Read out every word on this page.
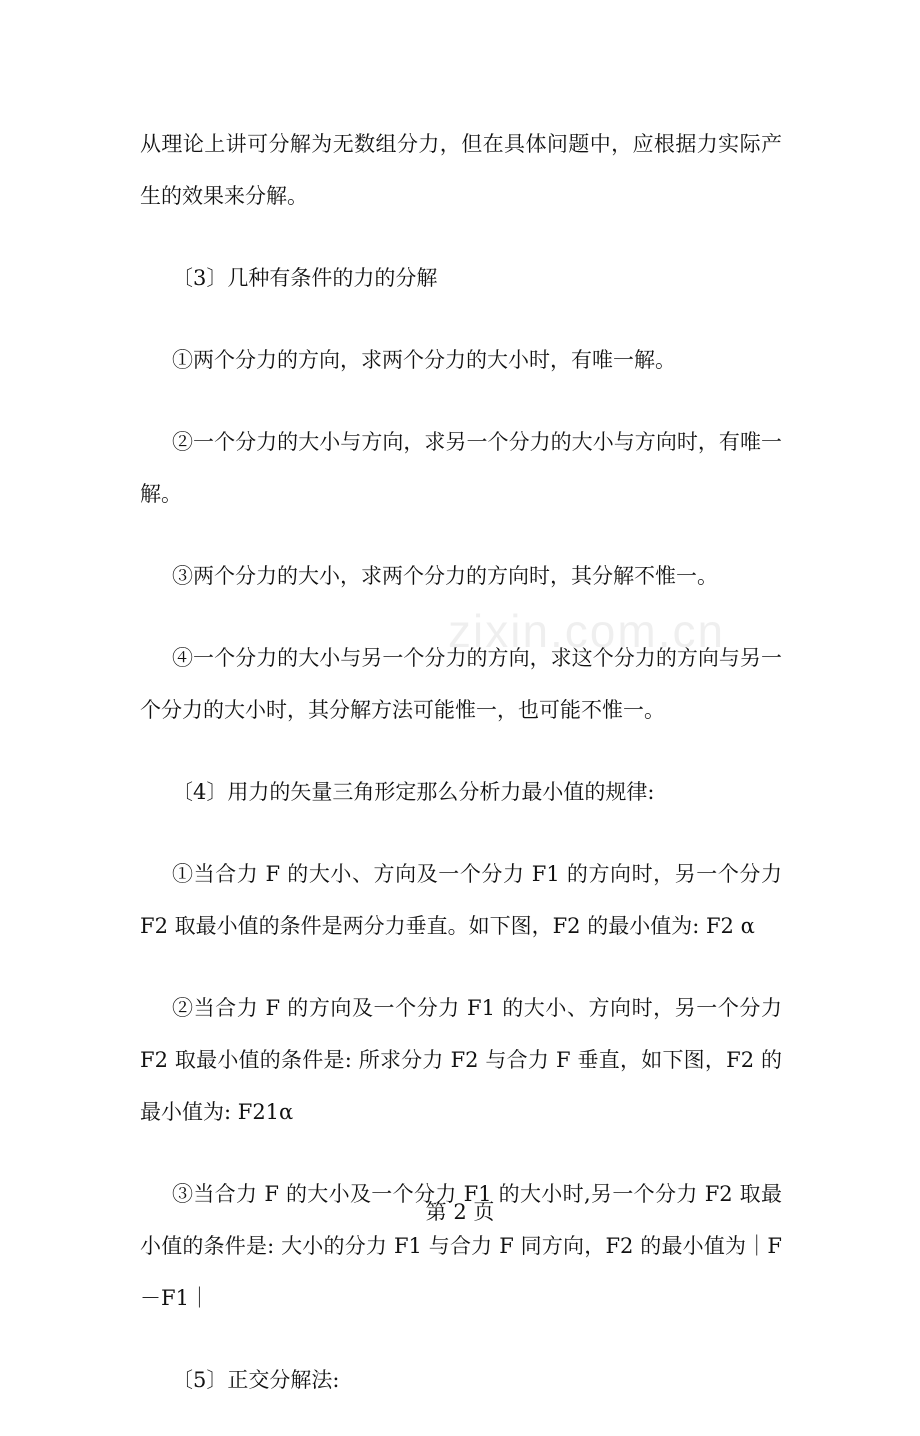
从理论上讲可分解为无数组分力，但在具体问题中，应根据力实际产生的效果来分解。

〔3〕几种有条件的力的分解

①两个分力的方向，求两个分力的大小时，有唯一解。

②一个分力的大小与方向，求另一个分力的大小与方向时，有唯一解。

③两个分力的大小，求两个分力的方向时，其分解不惟一。

④一个分力的大小与另一个分力的方向，求这个分力的方向与另一个分力的大小时，其分解方法可能惟一，也可能不惟一。

〔4〕用力的矢量三角形定那么分析力最小值的规律:

①当合力 F 的大小、方向及一个分力 F1 的方向时，另一个分力 F2 取最小值的条件是两分力垂直。如下图，F2 的最小值为: F2 α

②当合力 F 的方向及一个分力 F1 的大小、方向时，另一个分力 F2 取最小值的条件是: 所求分力 F2 与合力 F 垂直，如下图，F2 的最小值为: F21α

③当合力 F 的大小及一个分力 F1 的大小时,另一个分力 F2 取最小值的条件是: 大小的分力 F1 与合力 F 同方向，F2 的最小值为｜F－F1｜

〔5〕正交分解法:

zixin.com.cn
第 2 页
